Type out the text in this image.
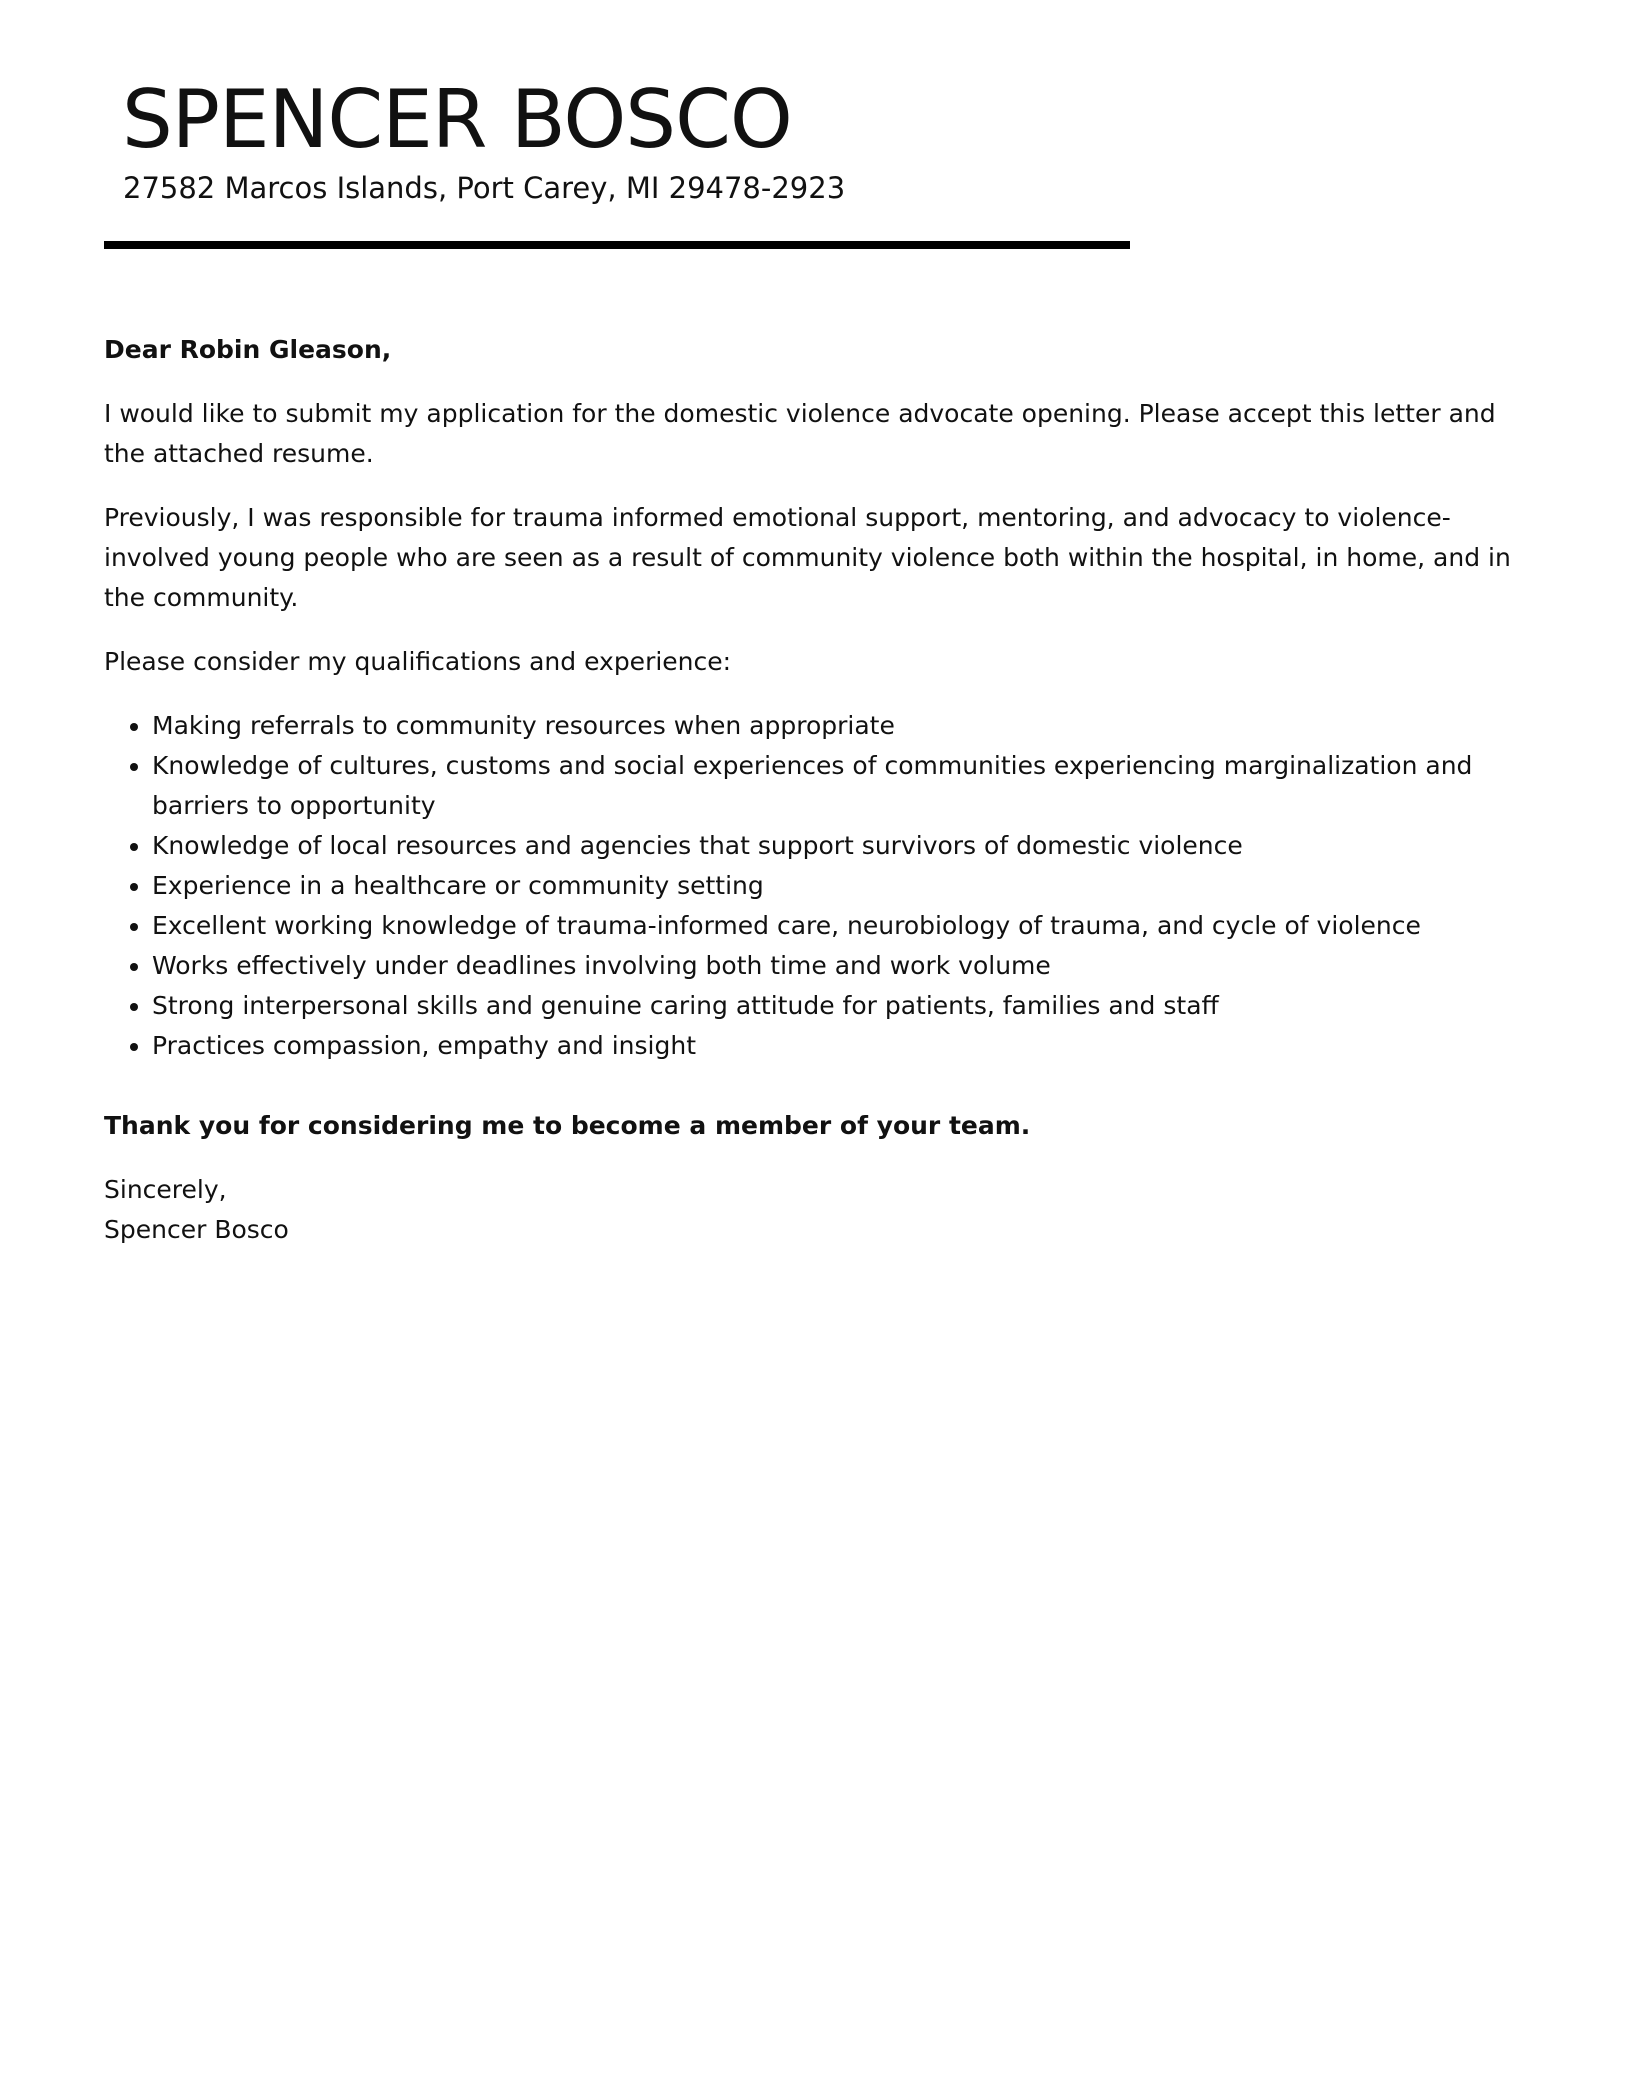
SPENCER BOSCO
27582 Marcos Islands, Port Carey, MI 29478-2923

Dear Robin Gleason,

I would like to submit my application for the domestic violence advocate opening. Please accept this letter and the attached resume.

Previously, I was responsible for trauma informed emotional support, mentoring, and advocacy to violence-involved young people who are seen as a result of community violence both within the hospital, in home, and in the community.

Please consider my qualifications and experience:

• Making referrals to community resources when appropriate
• Knowledge of cultures, customs and social experiences of communities experiencing marginalization and barriers to opportunity
• Knowledge of local resources and agencies that support survivors of domestic violence
• Experience in a healthcare or community setting
• Excellent working knowledge of trauma-informed care, neurobiology of trauma, and cycle of violence
• Works effectively under deadlines involving both time and work volume
• Strong interpersonal skills and genuine caring attitude for patients, families and staff
• Practices compassion, empathy and insight

Thank you for considering me to become a member of your team.

Sincerely,

Spencer Bosco
